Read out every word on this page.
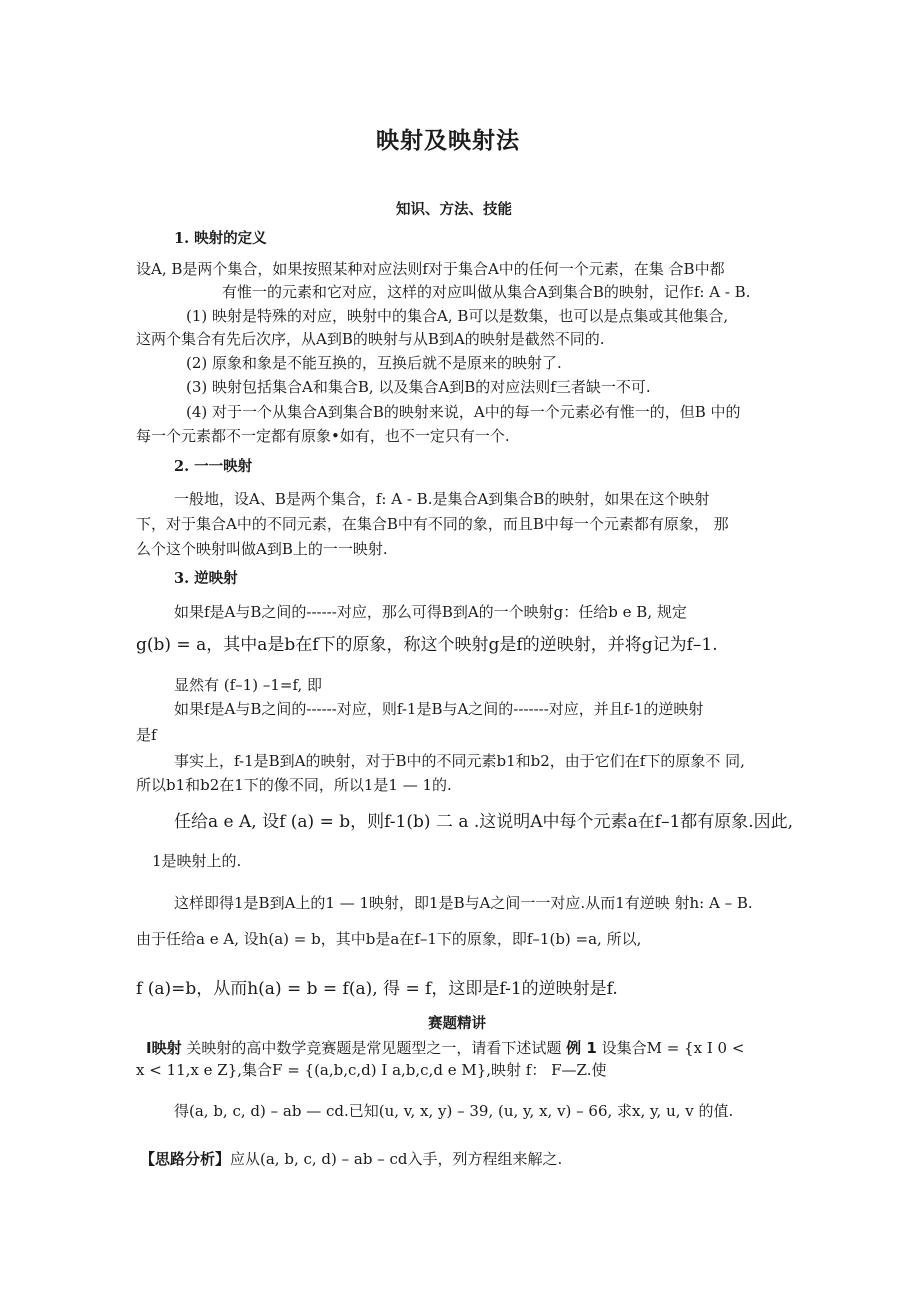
映射及映射法
知识、方法、技能
1. 映射的定义
设A, B是两个集合，如果按照某种对应法则f对于集合A中的任何一个元素，在集 合B中都
有惟一的元素和它对应，这样的对应叫做从集合A到集合B的映射，记作f: A - B.
(1) 映射是特殊的对应，映射中的集合A, B可以是数集，也可以是点集或其他集合,
这两个集合有先后次序，从A到B的映射与从B到A的映射是截然不同的.
(2) 原象和象是不能互换的，互换后就不是原来的映射了.
(3) 映射包括集合A和集合B, 以及集合A到B的对应法则f三者缺一不可.
(4) 对于一个从集合A到集合B的映射来说，A中的每一个元素必有惟一的，但B 中的
每一个元素都不一定都有原象•如有，也不一定只有一个.
2. 一一映射
一般地，设A、B是两个集合，f: A - B.是集合A到集合B的映射，如果在这个映射
下，对于集合A中的不同元素，在集合B中有不同的象，而且B中每一个元素都有原象， 那
么个这个映射叫做A到B上的一一映射.
3. 逆映射
如果f是A与B之间的------对应，那么可得B到A的一个映射g：任给b e B, 规定
g(b) = a，其中a是b在f下的原象，称这个映射g是f的逆映射，并将g记为f–1.
显然有 (f–1) –1=f, 即
如果f是A与B之间的------对应，则f-1是B与A之间的-------对应，并且f-1的逆映射
是f
事实上，f-1是B到A的映射，对于B中的不同元素b1和b2，由于它们在f下的原象不 同,
所以b1和b2在1下的像不同，所以1是1 — 1的.
任给a e A, 设f (a) = b，则f-1(b) 二 a .这说明A中每个元素a在f–1都有原象.因此,
1是映射上的.
这样即得1是B到A上的1 — 1映射，即1是B与A之间一一对应.从而1有逆映 射h: A – B.
由于任给a e A, 设h(a) = b，其中b是a在f–1下的原象，即f–1(b) =a, 所以,
f (a)=b，从而h(a) = b = f(a), 得 = f，这即是f-1的逆映射是f.
赛题精讲
I映射 关映射的高中数学竞赛题是常见题型之一，请看下述试题 例 1 设集合M = {x I 0 <
x < 11,x e Z},集合F = {(a,b,c,d) I a,b,c,d e M},映射 f： F—Z.使
得(a, b, c, d) – ab — cd.已知(u, v, x, y) – 39, (u, y, x, v) – 66, 求x, y, u, v 的值.
【思路分析】应从(a, b, c, d) – ab – cd入手，列方程组来解之.
